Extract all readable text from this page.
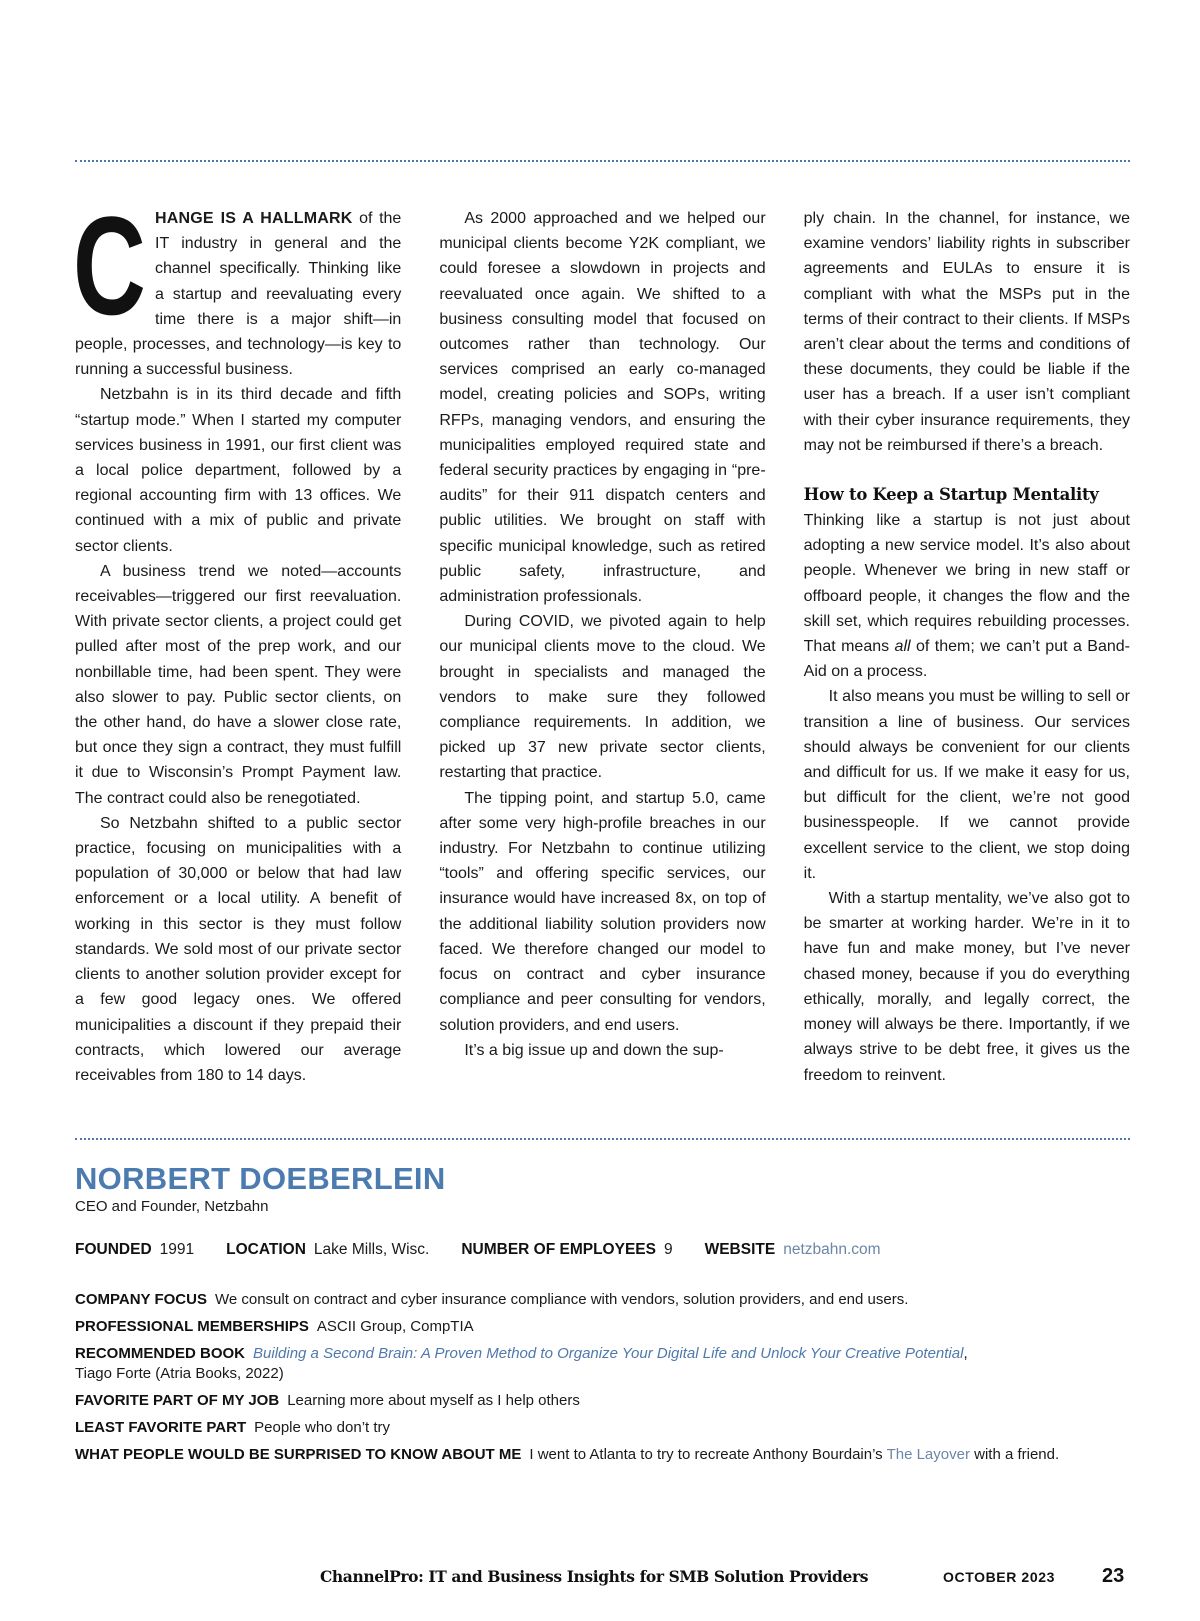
CHANGE IS A HALLMARK of the IT industry in general and the channel specifically. Thinking like a startup and reevaluating every time there is a major shift—in people, processes, and technology—is key to running a successful business.

Netzbahn is in its third decade and fifth “startup mode.” When I started my computer services business in 1991, our first client was a local police department, followed by a regional accounting firm with 13 offices. We continued with a mix of public and private sector clients.

A business trend we noted—accounts receivables—triggered our first reevaluation. With private sector clients, a project could get pulled after most of the prep work, and our nonbillable time, had been spent. They were also slower to pay. Public sector clients, on the other hand, do have a slower close rate, but once they sign a contract, they must fulfill it due to Wisconsin’s Prompt Payment law. The contract could also be renegotiated.

So Netzbahn shifted to a public sector practice, focusing on municipalities with a population of 30,000 or below that had law enforcement or a local utility. A benefit of working in this sector is they must follow standards. We sold most of our private sector clients to another solution provider except for a few good legacy ones. We offered municipalities a discount if they prepaid their contracts, which lowered our average receivables from 180 to 14 days.

As 2000 approached and we helped our municipal clients become Y2K compliant, we could foresee a slowdown in projects and reevaluated once again. We shifted to a business consulting model that focused on outcomes rather than technology. Our services comprised an early co-managed model, creating policies and SOPs, writing RFPs, managing vendors, and ensuring the municipalities employed required state and federal security practices by engaging in “pre-audits” for their 911 dispatch centers and public utilities. We brought on staff with specific municipal knowledge, such as retired public safety, infrastructure, and administration professionals.

During COVID, we pivoted again to help our municipal clients move to the cloud. We brought in specialists and managed the vendors to make sure they followed compliance requirements. In addition, we picked up 37 new private sector clients, restarting that practice.

The tipping point, and startup 5.0, came after some very high-profile breaches in our industry. For Netzbahn to continue utilizing “tools” and offering specific services, our insurance would have increased 8x, on top of the additional liability solution providers now faced. We therefore changed our model to focus on contract and cyber insurance compliance and peer consulting for vendors, solution providers, and end users.

It’s a big issue up and down the sup-

ply chain. In the channel, for instance, we examine vendors’ liability rights in subscriber agreements and EULAs to ensure it is compliant with what the MSPs put in the terms of their contract to their clients. If MSPs aren’t clear about the terms and conditions of these documents, they could be liable if the user has a breach. If a user isn’t compliant with their cyber insurance requirements, they may not be reimbursed if there’s a breach.

How to Keep a Startup Mentality

Thinking like a startup is not just about adopting a new service model. It’s also about people. Whenever we bring in new staff or offboard people, it changes the flow and the skill set, which requires rebuilding processes. That means all of them; we can’t put a Band-Aid on a process.

It also means you must be willing to sell or transition a line of business. Our services should always be convenient for our clients and difficult for us. If we make it easy for us, but difficult for the client, we’re not good businesspeople. If we cannot provide excellent service to the client, we stop doing it.

With a startup mentality, we’ve also got to be smarter at working harder. We’re in it to have fun and make money, but I’ve never chased money, because if you do everything ethically, morally, and legally correct, the money will always be there. Importantly, if we always strive to be debt free, it gives us the freedom to reinvent.

NORBERT DOEBERLEIN
CEO and Founder, Netzbahn
FOUNDED 1991 LOCATION Lake Mills, Wisc. NUMBER OF EMPLOYEES 9 WEBSITE netzbahn.com
COMPANY FOCUS We consult on contract and cyber insurance compliance with vendors, solution providers, and end users.
PROFESSIONAL MEMBERSHIPS ASCII Group, CompTIA
RECOMMENDED BOOK Building a Second Brain: A Proven Method to Organize Your Digital Life and Unlock Your Creative Potential,
Tiago Forte (Atria Books, 2022)
FAVORITE PART OF MY JOB Learning more about myself as I help others
LEAST FAVORITE PART People who don’t try
WHAT PEOPLE WOULD BE SURPRISED TO KNOW ABOUT ME I went to Atlanta to try to recreate Anthony Bourdain’s The Layover with a friend.
ChannelPro: IT and Business Insights for SMB Solution Providers	OCTOBER 2023 23
